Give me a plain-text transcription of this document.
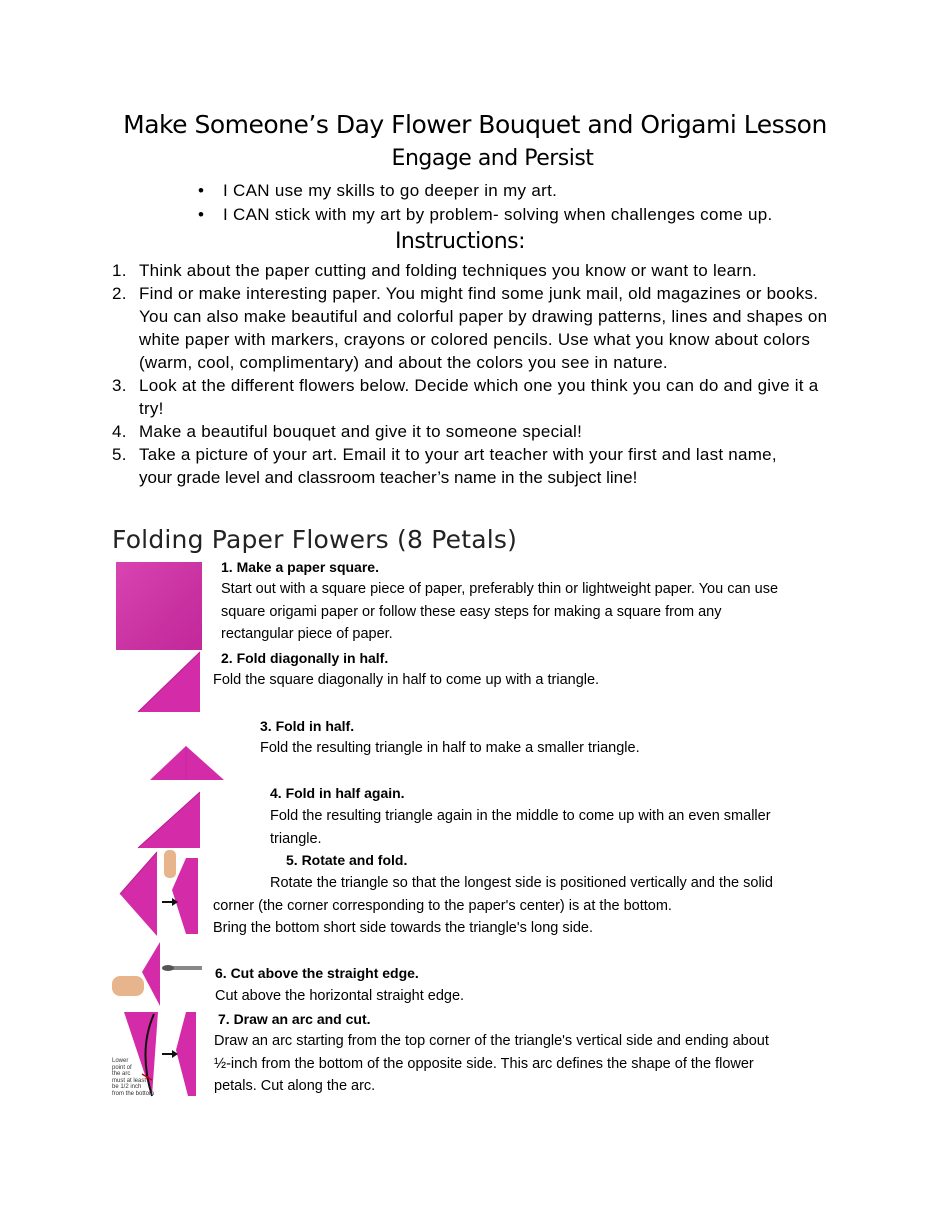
Make Someone’s Day Flower Bouquet and Origami Lesson
Engage and Persist
• I CAN use my skills to go deeper in my art.
• I CAN stick with my art by problem- solving when challenges come up.
Instructions:
1. Think about the paper cutting and folding techniques you know or want to learn.
2. Find or make interesting paper. You might find some junk mail, old magazines or books. You can also make beautiful and colorful paper by drawing patterns, lines and shapes on white paper with markers, crayons or colored pencils. Use what you know about colors (warm, cool, complimentary) and about the colors you see in nature.
3. Look at the different flowers below. Decide which one you think you can do and give it a try!
4. Make a beautiful bouquet and give it to someone special!
5. Take a picture of your art. Email it to your art teacher with your first and last name,
your grade level and classroom teacher’s name in the subject line!
Folding Paper Flowers (8 Petals)
1. Make a paper square.
Start out with a square piece of paper, preferably thin or lightweight paper. You can use
square origami paper or follow these easy steps for making a square from any
rectangular piece of paper.
2. Fold diagonally in half.
Fold the square diagonally in half to come up with a triangle.
3. Fold in half.
Fold the resulting triangle in half to make a smaller triangle.
4. Fold in half again.
Fold the resulting triangle again in the middle to come up with an even smaller
triangle.
5. Rotate and fold.
Rotate the triangle so that the longest side is positioned vertically and the solid
corner (the corner corresponding to the paper's center) is at the bottom.
Bring the bottom short side towards the triangle's long side.
6. Cut above the straight edge.
Cut above the horizontal straight edge.
Lower
point of
the arc
must at least
be 1/2 inch
from the bottom
7. Draw an arc and cut.
Draw an arc starting from the top corner of the triangle's vertical side and ending about
½-inch from the bottom of the opposite side. This arc defines the shape of the flower
petals. Cut along the arc.
